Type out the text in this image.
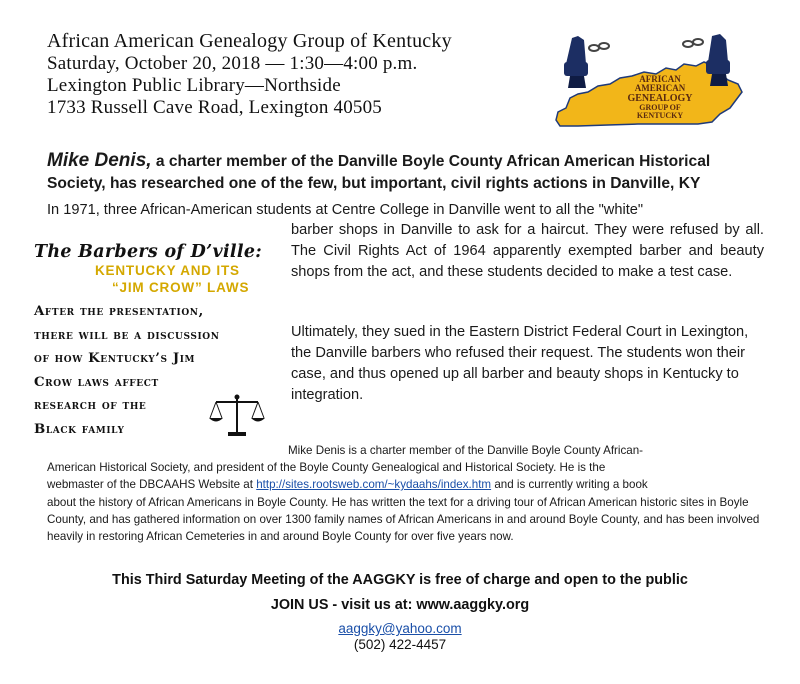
African American Genealogy Group of Kentucky
Saturday, October 20, 2018 — 1:30—4:00 p.m.
Lexington Public Library—Northside
1733 Russell Cave Road, Lexington 40505
AFRICAN
AMERICAN
GENEALOGY
GROUP OF
KENTUCKY
Mike Denis, a charter member of the Danville Boyle County African American Historical Society, has researched one of the few, but important, civil rights actions in Danville, KY
In 1971, three African-American students at Centre College in Danville went to all the "white"
barber shops in Danville to ask for a haircut. They were refused by all. The Civil Rights Act of 1964 apparently exempted barber and beauty shops from the act, and these students decided to make a test case.
Ultimately, they sued in the Eastern District Federal Court in Lexington, the Danville barbers who refused their request. The students won their case, and thus opened up all barber and beauty shops in Kentucky to integration.
The Barbers of D’ville:
KENTUCKY AND ITS
“JIM CROW” LAWS
After the presentation,
there will be a discussion
of how Kentucky’s Jim
Crow laws affect
research of the
Black family
Mike Denis is a charter member of the Danville Boyle County African-
American Historical Society, and president of the Boyle County Genealogical and Historical Society. He is the
webmaster of the DBCAAHS Website at http://sites.rootsweb.com/~kydaahs/index.htm and is currently writing a book
about the history of African Americans in Boyle County. He has written the text for a driving tour of African American historic sites in Boyle County, and has gathered information on over 1300 family names of African Americans in and around Boyle County, and has been involved heavily in restoring African Cemeteries in and around Boyle County for over five years now.
This Third Saturday Meeting of the AAGGKY is free of charge and open to the public
JOIN US - visit us at: www.aaggky.org
aaggky@yahoo.com
(502) 422-4457
